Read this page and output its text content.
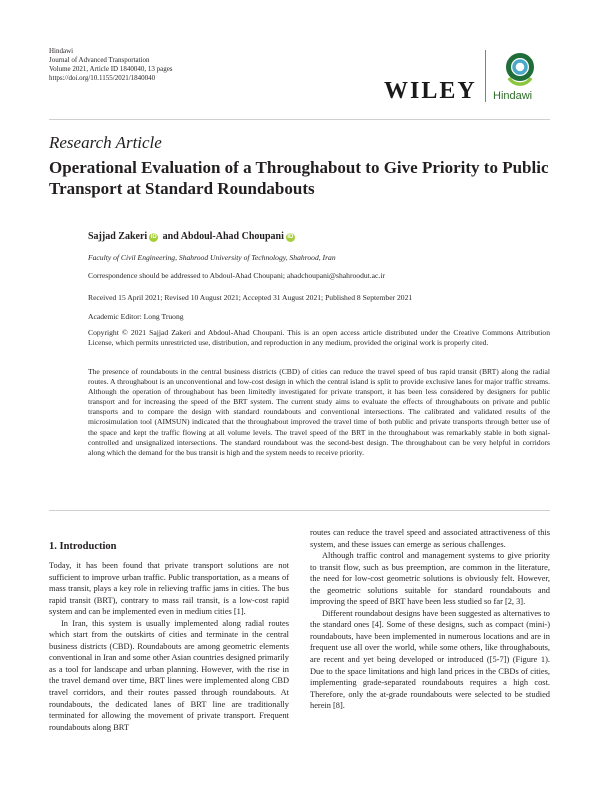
Hindawi
Journal of Advanced Transportation
Volume 2021, Article ID 1840040, 13 pages
https://doi.org/10.1155/2021/1840040	WILEY Hindawi
Research Article
Operational Evaluation of a Throughabout to Give Priority to Public Transport at Standard Roundabouts
Sajjad Zakeri iD and Abdoul-Ahad Choupani iD
Faculty of Civil Engineering, Shahrood University of Technology, Shahrood, Iran
Correspondence should be addressed to Abdoul-Ahad Choupani; ahadchoupani@shahroodut.ac.ir
Received 15 April 2021; Revised 10 August 2021; Accepted 31 August 2021; Published 8 September 2021
Academic Editor: Long Truong
Copyright © 2021 Sajjad Zakeri and Abdoul-Ahad Choupani. This is an open access article distributed under the Creative Commons Attribution License, which permits unrestricted use, distribution, and reproduction in any medium, provided the original work is properly cited.
The presence of roundabouts in the central business districts (CBD) of cities can reduce the travel speed of bus rapid transit (BRT) along the radial routes. A throughabout is an unconventional and low-cost design in which the central island is split to provide exclusive lanes for major traffic streams. Although the operation of throughabout has been limitedly investigated for private transport, it has been less considered by designers for public transport and for increasing the speed of the BRT system. The current study aims to evaluate the effects of throughabouts on private and public transports and to compare the design with standard roundabouts and conventional intersections. The calibrated and validated results of the microsimulation tool (AIMSUN) indicated that the throughabout improved the travel time of both public and private transports through better use of the space and kept the traffic flowing at all volume levels. The travel speed of the BRT in the throughabout was remarkably stable in both signal-controlled and unsignalized intersections. The standard roundabout was the second-best design. The throughabout can be very helpful in corridors along which the demand for the bus transit is high and the system needs to receive priority.

1. Introduction

Today, it has been found that private transport solutions are not sufficient to improve urban traffic. Public transportation, as a means of mass transit, plays a key role in relieving traffic jams in cities. The bus rapid transit (BRT), contrary to mass rail transit, is a low-cost rapid system and can be implemented even in medium cities [1].

In Iran, this system is usually implemented along radial routes which start from the outskirts of cities and terminate in the central business districts (CBD). Roundabouts are among geometric elements conventional in Iran and some other Asian countries designed primarily as a tool for landscape and urban planning. However, with the rise in the travel demand over time, BRT lines were implemented along CBD travel corridors, and their routes passed through roundabouts. At roundabouts, the dedicated lanes of BRT line are traditionally terminated for allowing the movement of private transport. Frequent roundabouts along BRT

routes can reduce the travel speed and associated attractiveness of this system, and these issues can emerge as serious challenges.

Although traffic control and management systems to give priority to transit flow, such as bus preemption, are common in the literature, the need for low-cost geometric solutions is obviously felt. However, the geometric solutions suitable for standard roundabouts and improving the speed of BRT have been less studied so far [2, 3].

Different roundabout designs have been suggested as alternatives to the standard ones [4]. Some of these designs, such as compact (mini-) roundabouts, have been implemented in numerous locations and are in frequent use all over the world, while some others, like throughabouts, are recent and yet being developed or introduced ([5-7]) (Figure 1). Due to the space limitations and high land prices in the CBDs of cities, implementing grade-separated roundabouts requires a high cost. Therefore, only the at-grade roundabouts were selected to be studied herein [8].
